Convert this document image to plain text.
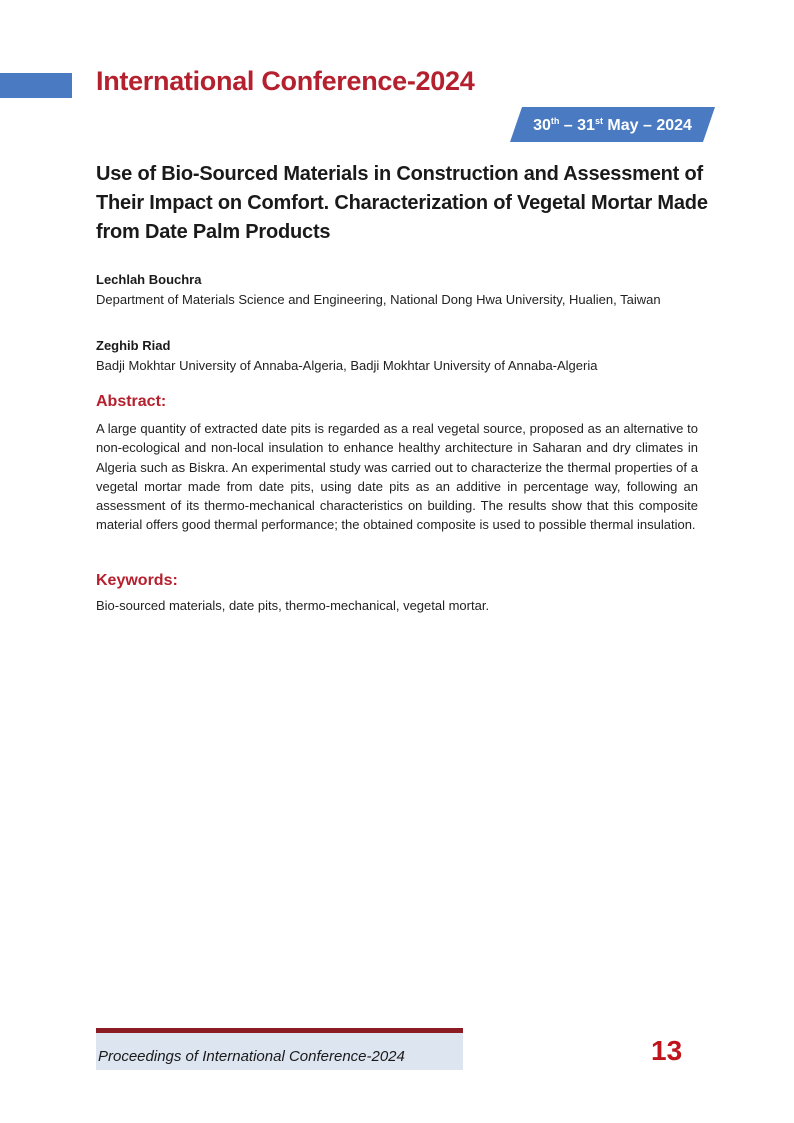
International Conference-2024
30th – 31st May – 2024
Use of Bio-Sourced Materials in Construction and Assessment of Their Impact on Comfort. Characterization of Vegetal Mortar Made from Date Palm Products
Lechlah Bouchra
Department of Materials Science and Engineering, National Dong Hwa University, Hualien, Taiwan
Zeghib Riad
Badji Mokhtar University of Annaba-Algeria, Badji Mokhtar University of Annaba-Algeria
Abstract:
A large quantity of extracted date pits is regarded as a real vegetal source, proposed as an alternative to non-ecological and non-local insulation to enhance healthy architecture in Saharan and dry climates in Algeria such as Biskra. An experimental study was carried out to characterize the thermal properties of a vegetal mortar made from date pits, using date pits as an additive in percentage way, following an assessment of its thermo-mechanical characteristics on building. The results show that this composite material offers good thermal performance; the obtained composite is used to possible thermal insulation.
Keywords:
Bio-sourced materials, date pits, thermo-mechanical, vegetal mortar.
Proceedings of International Conference-2024	13
